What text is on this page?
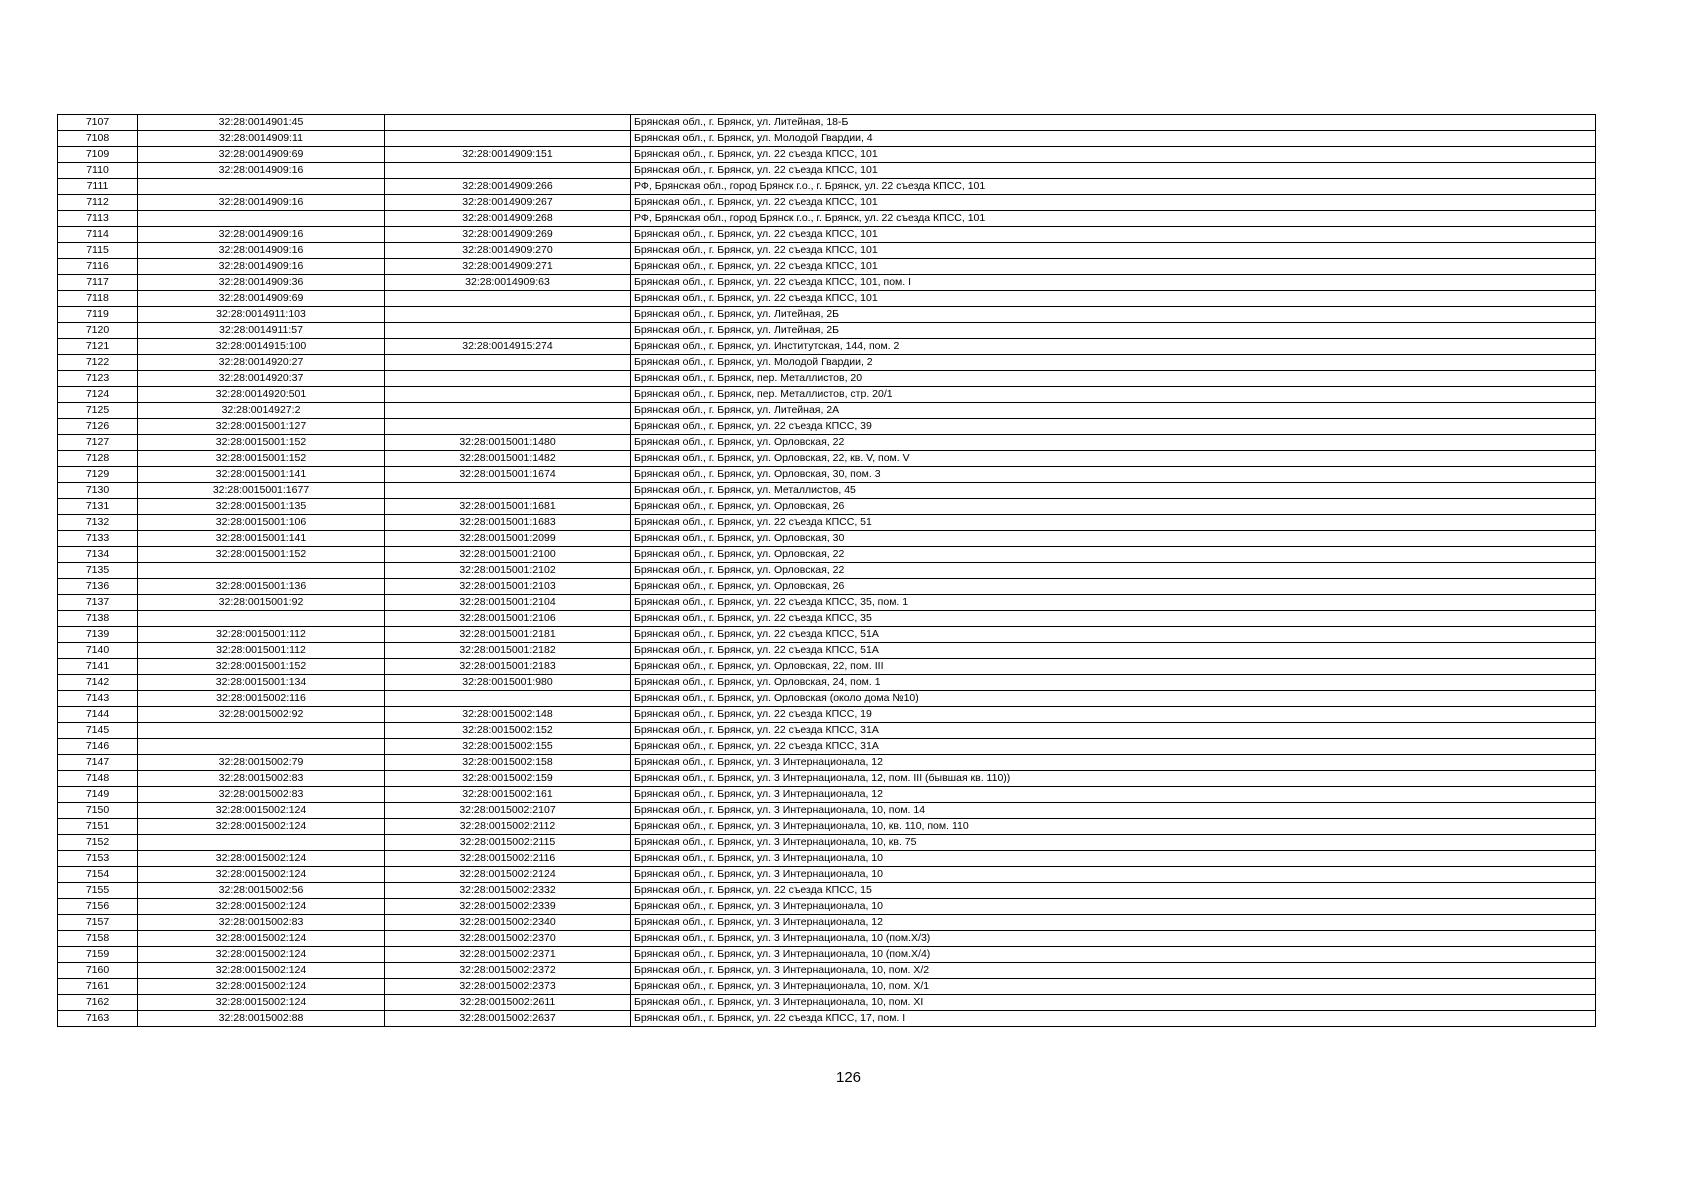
7107	32:28:0014901:45		Брянская обл., г. Брянск, ул. Литейная, 18-Б
7108	32:28:0014909:11		Брянская обл., г. Брянск, ул. Молодой Гвардии, 4
7109	32:28:0014909:69	32:28:0014909:151	Брянская обл., г. Брянск, ул. 22 съезда КПСС, 101
7110	32:28:0014909:16		Брянская обл., г. Брянск, ул. 22 съезда КПСС, 101
7111		32:28:0014909:266	РФ, Брянская обл., город Брянск г.о., г. Брянск, ул. 22 съезда КПСС, 101
7112	32:28:0014909:16	32:28:0014909:267	Брянская обл., г. Брянск, ул. 22 съезда КПСС, 101
7113		32:28:0014909:268	РФ, Брянская обл., город Брянск г.о., г. Брянск, ул. 22 съезда КПСС, 101
7114	32:28:0014909:16	32:28:0014909:269	Брянская обл., г. Брянск, ул. 22 съезда КПСС, 101
7115	32:28:0014909:16	32:28:0014909:270	Брянская обл., г. Брянск, ул. 22 съезда КПСС, 101
7116	32:28:0014909:16	32:28:0014909:271	Брянская обл., г. Брянск, ул. 22 съезда КПСС, 101
7117	32:28:0014909:36	32:28:0014909:63	Брянская обл., г. Брянск, ул. 22 съезда КПСС, 101, пом. I
7118	32:28:0014909:69		Брянская обл., г. Брянск, ул. 22 съезда КПСС, 101
7119	32:28:0014911:103		Брянская обл., г. Брянск, ул. Литейная, 2Б
7120	32:28:0014911:57		Брянская обл., г. Брянск, ул. Литейная, 2Б
7121	32:28:0014915:100	32:28:0014915:274	Брянская обл., г. Брянск, ул. Институтская, 144, пом. 2
7122	32:28:0014920:27		Брянская обл., г. Брянск, ул. Молодой Гвардии, 2
7123	32:28:0014920:37		Брянская обл., г. Брянск, пер. Металлистов, 20
7124	32:28:0014920:501		Брянская обл., г. Брянск, пер. Металлистов, стр. 20/1
7125	32:28:0014927:2		Брянская обл., г. Брянск, ул. Литейная, 2А
7126	32:28:0015001:127		Брянская обл., г. Брянск, ул. 22 съезда КПСС, 39
7127	32:28:0015001:152	32:28:0015001:1480	Брянская обл., г. Брянск, ул. Орловская, 22
7128	32:28:0015001:152	32:28:0015001:1482	Брянская обл., г. Брянск, ул. Орловская, 22, кв. V, пом. V
7129	32:28:0015001:141	32:28:0015001:1674	Брянская обл., г. Брянск, ул. Орловская, 30, пом. 3
7130	32:28:0015001:1677		Брянская обл., г. Брянск, ул. Металлистов, 45
7131	32:28:0015001:135	32:28:0015001:1681	Брянская обл., г. Брянск, ул. Орловская, 26
7132	32:28:0015001:106	32:28:0015001:1683	Брянская обл., г. Брянск, ул. 22 съезда КПСС, 51
7133	32:28:0015001:141	32:28:0015001:2099	Брянская обл., г. Брянск, ул. Орловская, 30
7134	32:28:0015001:152	32:28:0015001:2100	Брянская обл., г. Брянск, ул. Орловская, 22
7135		32:28:0015001:2102	Брянская обл., г. Брянск, ул. Орловская, 22
7136	32:28:0015001:136	32:28:0015001:2103	Брянская обл., г. Брянск, ул. Орловская, 26
7137	32:28:0015001:92	32:28:0015001:2104	Брянская обл., г. Брянск, ул. 22 съезда КПСС, 35, пом. 1
7138		32:28:0015001:2106	Брянская обл., г. Брянск, ул. 22 съезда КПСС, 35
7139	32:28:0015001:112	32:28:0015001:2181	Брянская обл., г. Брянск, ул. 22 съезда КПСС, 51А
7140	32:28:0015001:112	32:28:0015001:2182	Брянская обл., г. Брянск, ул. 22 съезда КПСС, 51А
7141	32:28:0015001:152	32:28:0015001:2183	Брянская обл., г. Брянск, ул. Орловская, 22, пом. III
7142	32:28:0015001:134	32:28:0015001:980	Брянская обл., г. Брянск, ул. Орловская, 24, пом. 1
7143	32:28:0015002:116		Брянская обл., г. Брянск, ул. Орловская (около дома №10)
7144	32:28:0015002:92	32:28:0015002:148	Брянская обл., г. Брянск, ул. 22 съезда КПСС, 19
7145		32:28:0015002:152	Брянская обл., г. Брянск, ул. 22 съезда КПСС, 31А
7146		32:28:0015002:155	Брянская обл., г. Брянск, ул. 22 съезда КПСС, 31А
7147	32:28:0015002:79	32:28:0015002:158	Брянская обл., г. Брянск, ул. 3 Интернационала, 12
7148	32:28:0015002:83	32:28:0015002:159	Брянская обл., г. Брянск, ул. 3 Интернационала, 12, пом. III (бывшая кв. 110))
7149	32:28:0015002:83	32:28:0015002:161	Брянская обл., г. Брянск, ул. 3 Интернационала, 12
7150	32:28:0015002:124	32:28:0015002:2107	Брянская обл., г. Брянск, ул. 3 Интернационала, 10, пом. 14
7151	32:28:0015002:124	32:28:0015002:2112	Брянская обл., г. Брянск, ул. 3 Интернационала, 10, кв. 110, пом. 110
7152		32:28:0015002:2115	Брянская обл., г. Брянск, ул. 3 Интернационала, 10, кв. 75
7153	32:28:0015002:124	32:28:0015002:2116	Брянская обл., г. Брянск, ул. 3 Интернационала, 10
7154	32:28:0015002:124	32:28:0015002:2124	Брянская обл., г. Брянск, ул. 3 Интернационала, 10
7155	32:28:0015002:56	32:28:0015002:2332	Брянская обл., г. Брянск, ул. 22 съезда КПСС, 15
7156	32:28:0015002:124	32:28:0015002:2339	Брянская обл., г. Брянск, ул. 3 Интернационала, 10
7157	32:28:0015002:83	32:28:0015002:2340	Брянская обл., г. Брянск, ул. 3 Интернационала, 12
7158	32:28:0015002:124	32:28:0015002:2370	Брянская обл., г. Брянск, ул. 3 Интернационала, 10 (пом.Х/3)
7159	32:28:0015002:124	32:28:0015002:2371	Брянская обл., г. Брянск, ул. 3 Интернационала, 10 (пом.Х/4)
7160	32:28:0015002:124	32:28:0015002:2372	Брянская обл., г. Брянск, ул. 3 Интернационала, 10, пом. Х/2
7161	32:28:0015002:124	32:28:0015002:2373	Брянская обл., г. Брянск, ул. 3 Интернационала, 10, пом. Х/1
7162	32:28:0015002:124	32:28:0015002:2611	Брянская обл., г. Брянск, ул. 3 Интернационала, 10, пом. XI
7163	32:28:0015002:88	32:28:0015002:2637	Брянская обл., г. Брянск, ул. 22 съезда КПСС, 17, пом. I
126
